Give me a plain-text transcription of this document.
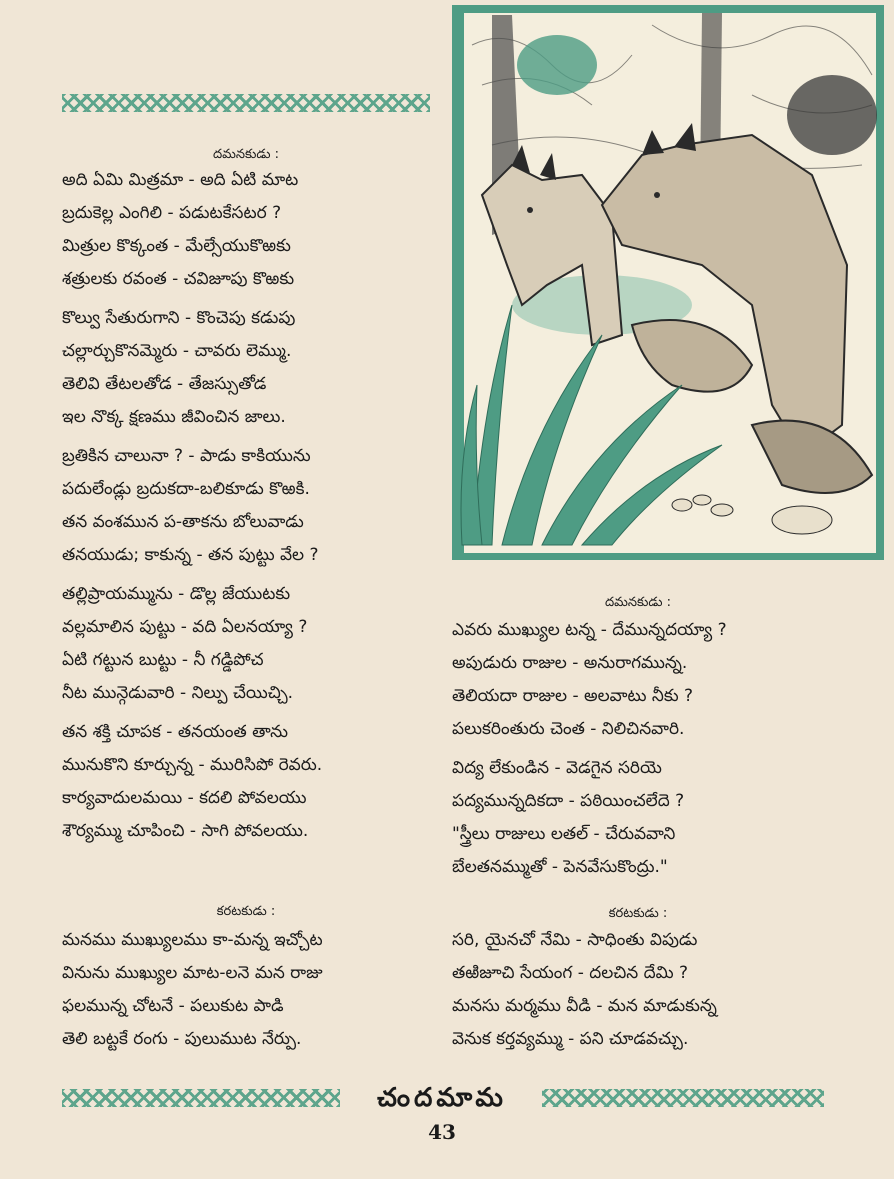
దమనకుడు :
అది ఏమి మిత్రమా - అది ఏటి మాట
బ్రదుకెల్ల ఎంగిలి - పడుటకేసటర ?
మిత్రుల కొక్కంత - మేల్సేయుకొఱకు
శత్రులకు రవంత - చవిజూపు కొఱకు
కొల్వు సేతురుగాని - కొంచెపు కడుపు
చల్లార్చుకొనమ్మెరు - చావరు లెమ్ము.
తెలివి తేటలతోడ - తేజస్సుతోడ
ఇల నొక్క క్షణము జీవించిన జాలు.
బ్రతికిన చాలునా ? - పాడు కాకియును
పదులేండ్లు బ్రదుకదా-బలికూడు కొఱకి.
తన వంశమున ప-తాకను బోలువాడు
తనయుడు; కాకున్న - తన పుట్టు వేల ?
తల్లిప్రాయమ్మును - డొల్ల జేయుటకు
వల్లమాలిన పుట్టు - వది ఏలనయ్యా ?
ఏటి గట్టున బుట్టు - నీ గడ్డిపోచ
నీట మున్గెడువారి - నిల్పు చేయిచ్చి.
తన శక్తి చూపక - తనయంత తాను
మునుకొని కూర్చున్న - మురిసిపో రెవరు.
కార్యవాదులమయి - కదలి పోవలయు
శౌర్యమ్ము చూపించి - సాగి పోవలయు.
కరటకుడు :
మనము ముఖ్యులము కా-మన్న ఇచ్చోట
వినును ముఖ్యుల మాట-లనె మన రాజు
ఫలమున్న చోటనే - పలుకుట పాడి
తెలి బట్టకే రంగు - పులుముట నేర్పు.
దమనకుడు :
ఎవరు ముఖ్యుల టన్న - దేమున్నదయ్యా ?
అపుడురు రాజుల - అనురాగమున్న.
తెలియదా రాజుల - అలవాటు నీకు ?
పలుకరింతురు చెంత - నిలిచినవారి.
విద్య లేకుండిన - వెడగైన సరియె
పద్యమున్నదికదా - పఠియించలేదె ?
"స్త్రీలు రాజులు లతల్ - చేరువవాని
బేలతనమ్ముతో - పెనవేసుకొంద్రు."
కరటకుడు :
సరి, యైనచో నేమి - సాధింతు విపుడు
తఱిజూచి సేయంగ - దలచిన దేమి ?
మనసు మర్మము వీడి - మన మాడుకున్న
వెనుక కర్తవ్యమ్ము - పని చూడవచ్చు.
చందమామ
43
